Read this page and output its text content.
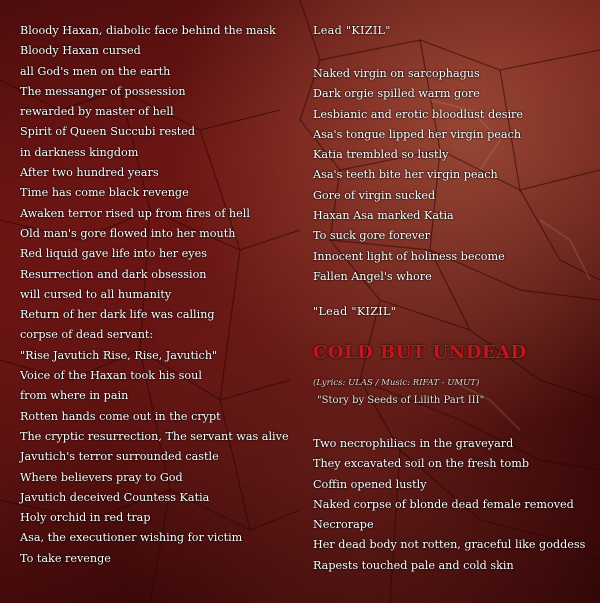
Bloody Haxan, diabolic face behind the mask
Bloody Haxan cursed
all God's men on the earth
The messanger of possession
rewarded by master of hell
Spirit of Queen Succubi rested
in darkness kingdom
After two hundred years
Time has come black revenge
Awaken terror rised up from fires of hell
Old man's gore flowed into her mouth
Red liquid gave life into her eyes
Resurrection and dark obsession
will cursed to all humanity
Return of her dark life was calling
corpse of dead servant:
"Rise Javutich Rise, Rise, Javutich"
Voice of the Haxan took his soul
from where in pain
Rotten hands come out in the crypt
The cryptic resurrection, The servant was alive
Javutich's terror surrounded castle
Where believers pray to God
Javutich deceived Countess Katia
Holy orchid in red trap
Asa, the executioner wishing for victim
To take revenge
Lead "KIZIL"
Naked virgin on sarcophagus
Dark orgie spilled warm gore
Lesbianic and erotic bloodlust desire
Asa's tongue lipped her virgin peach
Katia trembled so lustly
Asa's teeth bite her virgin peach
Gore of virgin sucked
Haxan Asa marked Katia
To suck gore forever
Innocent light of holiness become
Fallen Angel's whore
"Lead "KIZIL"
COLD BUT UNDEAD
(Lyrics: ULAS / Music: RIFAT - UMUT)
"Story by Seeds of Lilith Part III"
Two necrophiliacs in the graveyard
They excavated soil on the fresh tomb
Coffin opened lustly
Naked corpse of blonde dead female removed
Necrorape
Her dead body not rotten, graceful like goddess
Rapests touched pale and cold skin
